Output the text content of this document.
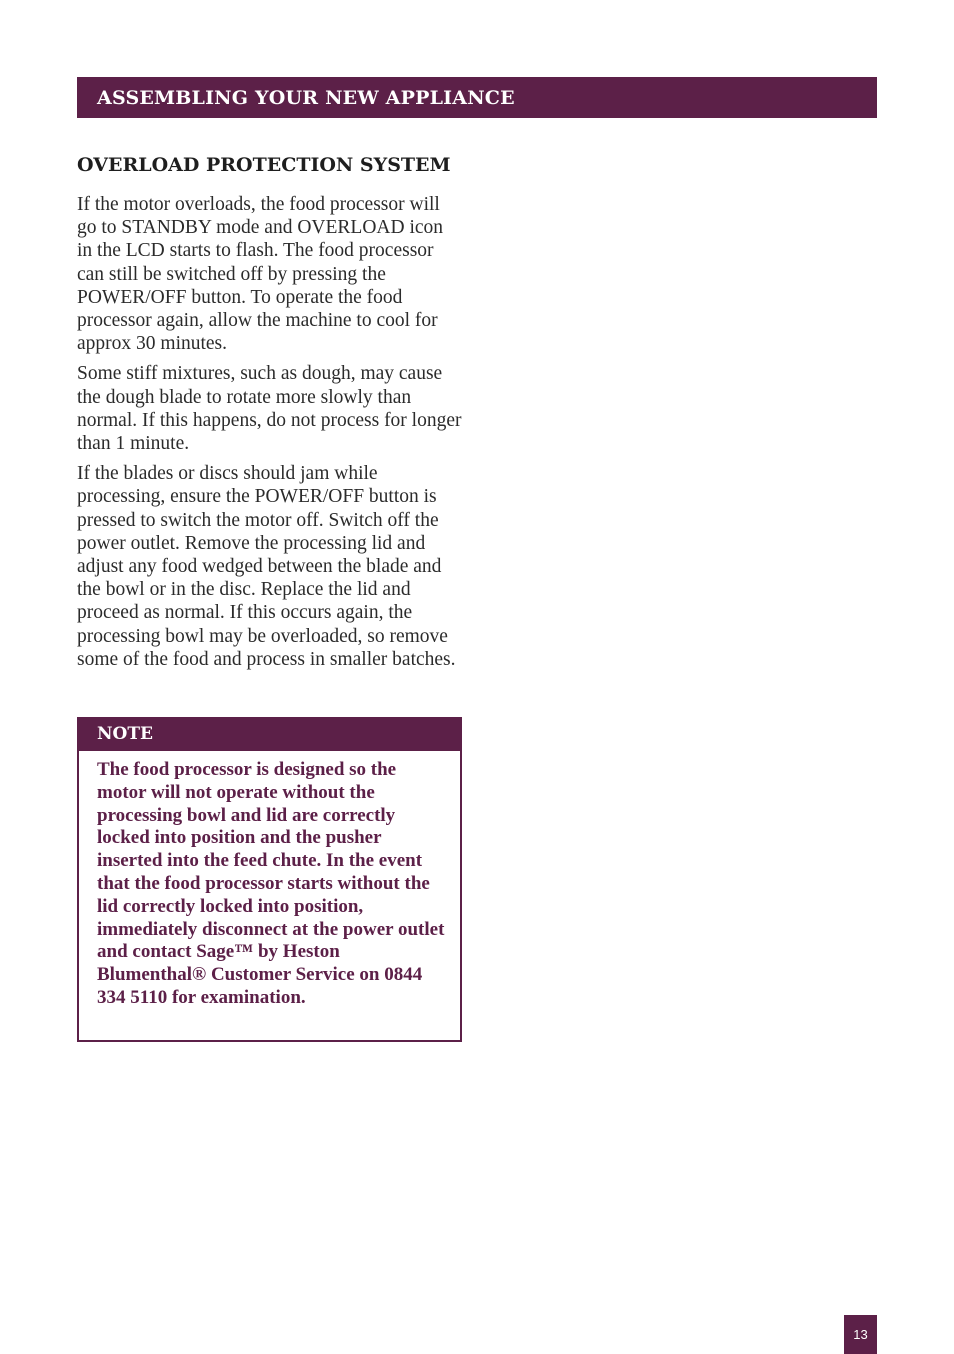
ASSEMBLING YOUR NEW APPLIANCE
OVERLOAD PROTECTION SYSTEM

If the motor overloads, the food processor will go to STANDBY mode and OVERLOAD icon in the LCD starts to flash. The food processor can still be switched off by pressing the POWER/OFF button. To operate the food processor again, allow the machine to cool for approx 30 minutes.

Some stiff mixtures, such as dough, may cause the dough blade to rotate more slowly than normal. If this happens, do not process for longer than 1 minute.

If the blades or discs should jam while processing, ensure the POWER/OFF button is pressed to switch the motor off. Switch off the power outlet. Remove the processing lid and adjust any food wedged between the blade and the bowl or in the disc. Replace the lid and proceed as normal. If this occurs again, the processing bowl may be overloaded, so remove some of the food and process in smaller batches.

NOTE

The food processor is designed so the motor will not operate without the processing bowl and lid are correctly locked into position and the pusher inserted into the feed chute. In the event that the food processor starts without the lid correctly locked into position, immediately disconnect at the power outlet and contact Sage™ by Heston Blumenthal® Customer Service on 0844 334 5110 for examination.

13
